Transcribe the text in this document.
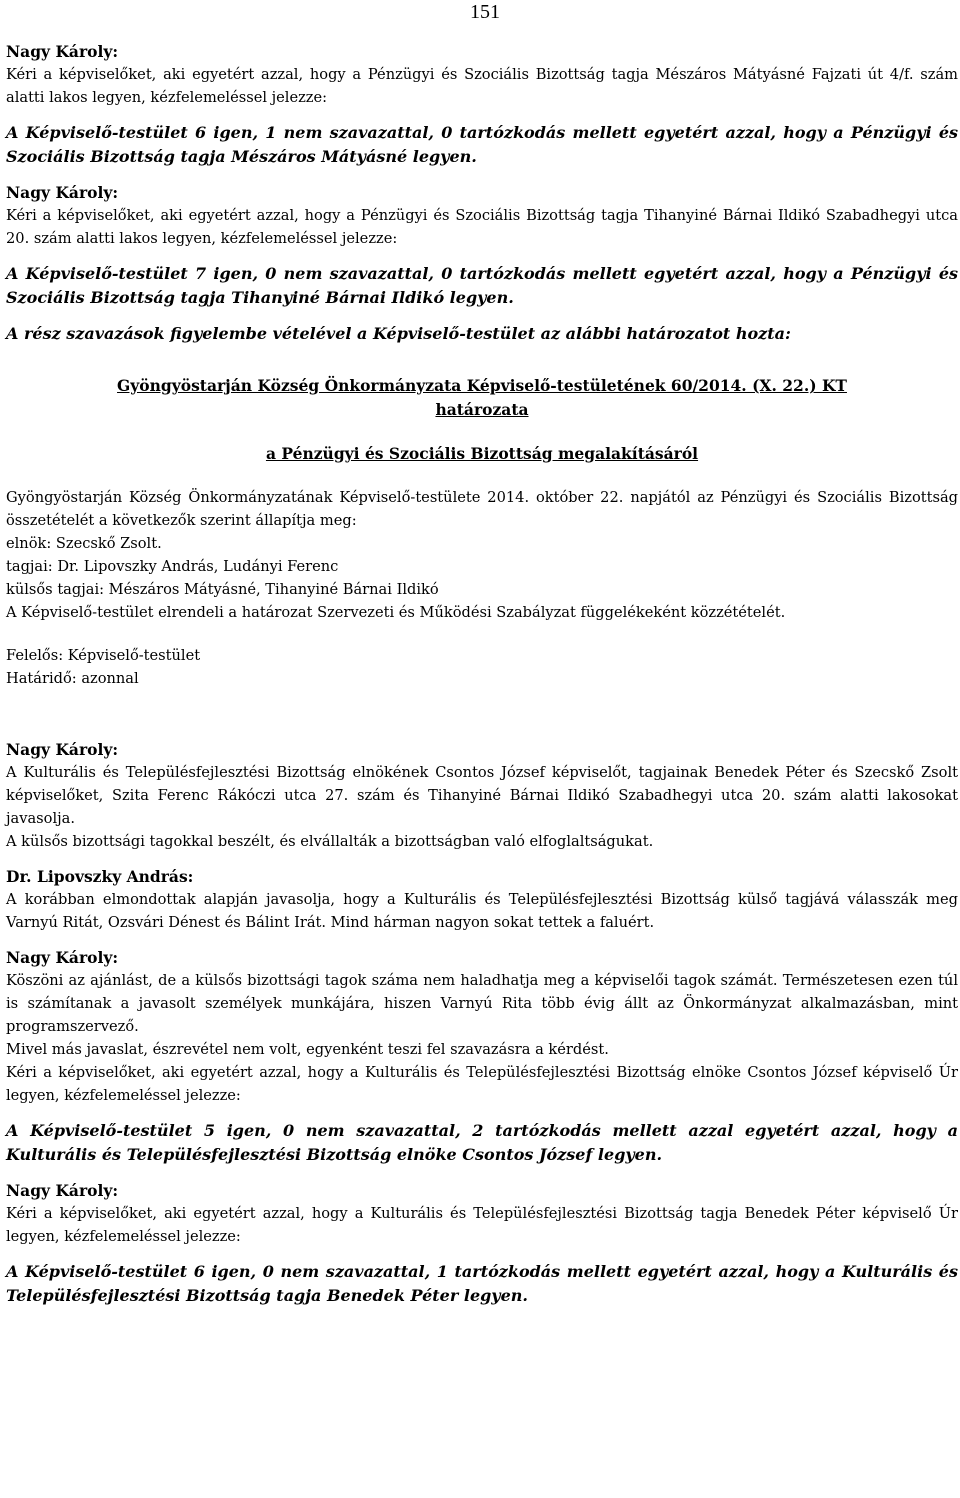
151

Nagy Károly:

Kéri a képviselőket, aki egyetért azzal, hogy a Pénzügyi és Szociális Bizottság tagja Mészáros Mátyásné Fajzati út 4/f. szám alatti lakos legyen, kézfelemeléssel jelezze:

A Képviselő-testület 6 igen, 1 nem szavazattal, 0 tartózkodás mellett egyetért azzal, hogy a Pénzügyi és Szociális Bizottság tagja Mészáros Mátyásné legyen.

Nagy Károly:

Kéri a képviselőket, aki egyetért azzal, hogy a Pénzügyi és Szociális Bizottság tagja Tihanyiné Bárnai Ildikó Szabadhegyi utca 20. szám alatti lakos legyen, kézfelemeléssel jelezze:

A Képviselő-testület 7 igen, 0 nem szavazattal, 0 tartózkodás mellett egyetért azzal, hogy a Pénzügyi és Szociális Bizottság tagja Tihanyiné Bárnai Ildikó legyen.

A rész szavazások figyelembe vételével a Képviselő-testület az alábbi határozatot hozta:

Gyöngyöstarján Község Önkormányzata Képviselő-testületének 60/2014. (X. 22.) KT

határozata

a Pénzügyi és Szociális Bizottság megalakításáról

Gyöngyöstarján Község Önkormányzatának Képviselő-testülete 2014. október 22. napjától az Pénzügyi és Szociális Bizottság összetételét a következők szerint állapítja meg:

elnök: Szecskő Zsolt.

tagjai: Dr. Lipovszky András, Ludányi Ferenc

külsős tagjai: Mészáros Mátyásné, Tihanyiné Bárnai Ildikó

A Képviselő-testület elrendeli a határozat Szervezeti és Működési Szabályzat függelékeként közzétételét.

Felelős: Képviselő-testület

Határidő: azonnal

Nagy Károly:

A Kulturális és Településfejlesztési Bizottság elnökének Csontos József képviselőt, tagjainak Benedek Péter és Szecskő Zsolt képviselőket, Szita Ferenc Rákóczi utca 27. szám és Tihanyiné Bárnai Ildikó Szabadhegyi utca 20. szám alatti lakosokat javasolja.

A külsős bizottsági tagokkal beszélt, és elvállalták a bizottságban való elfoglaltságukat.

Dr. Lipovszky András:

A korábban elmondottak alapján javasolja, hogy a Kulturális és Településfejlesztési Bizottság külső tagjává válasszák meg Varnyú Ritát, Ozsvári Dénest és Bálint Irát. Mind hárman nagyon sokat tettek a faluért.

Nagy Károly:

Köszöni az ajánlást, de a külsős bizottsági tagok száma nem haladhatja meg a képviselői tagok számát. Természetesen ezen túl is számítanak a javasolt személyek munkájára, hiszen Varnyú Rita több évig állt az Önkormányzat alkalmazásban, mint programszervező.

Mivel más javaslat, észrevétel nem volt, egyenként teszi fel szavazásra a kérdést.

Kéri a képviselőket, aki egyetért azzal, hogy a Kulturális és Településfejlesztési Bizottság elnöke Csontos József képviselő Úr legyen, kézfelemeléssel jelezze:

A Képviselő-testület 5 igen, 0 nem szavazattal, 2 tartózkodás mellett azzal egyetért azzal, hogy a Kulturális és Településfejlesztési Bizottság elnöke Csontos József legyen.

Nagy Károly:

Kéri a képviselőket, aki egyetért azzal, hogy a Kulturális és Településfejlesztési Bizottság tagja Benedek Péter képviselő Úr legyen, kézfelemeléssel jelezze:

A Képviselő-testület 6 igen, 0 nem szavazattal, 1 tartózkodás mellett egyetért azzal, hogy a Kulturális és Településfejlesztési Bizottság tagja Benedek Péter legyen.
